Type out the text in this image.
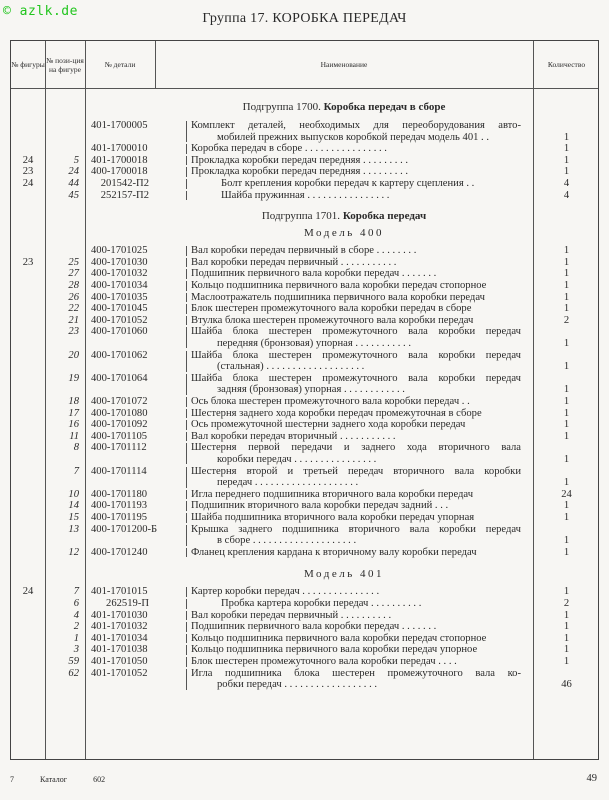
© azlk.de	Группа 17. КОРОБКА ПЕРЕДАЧ
№ фигуры № пози-ция на фигуре	№ детали	Наименование	Количество
Подгруппа 1700. Коробка передач в сборе
401-1700005	Комплект деталей, необходимых для переоборудования авто-
мобилей прежних выпусков коробкой передач модель 401 . .	1
401-1700010	Коробка передач в сборе . . . . . . . . . . . . . . . .	1
24	5 401-1700018	Прокладка коробки передач передняя . . . . . . . . .	1
23	24 400-1700018	Прокладка коробки передач передняя . . . . . . . . .	1
24	44	201542-П2	Болт крепления коробки передач к картеру сцепления . .	4
45	252157-П2	Шайба пружинная . . . . . . . . . . . . . . . .	4
Подгруппа 1701. Коробка передач
Модель 400
400-1701025	Вал коробки передач первичный в сборе . . . . . . . .	1
23	25 400-1701030	Вал коробки передач первичный . . . . . . . . . . .	1
27 400-1701032	Подшипник первичного вала коробки передач . . . . . . .	1
28 400-1701034	Кольцо подшипника первичного вала коробки передач стопорное	1
26 400-1701035	Маслоотражатель подшипника первичного вала коробки передач	1
22 400-1701045	Блок шестерен промежуточного вала коробки передач в сборе	1
21 400-1701052	Втулка блока шестерен промежуточного вала коробки передач	2
23 400-1701060	Шайба блока шестерен промежуточного вала коробки передач
передняя (бронзовая) упорная . . . . . . . . . . .	1
20 400-1701062	Шайба блока шестерен промежуточного вала коробки передач
(стальная) . . . . . . . . . . . . . . . . . . .	1
19 400-1701064	Шайба блока шестерен промежуточного вала коробки передач
задняя (бронзовая) упорная . . . . . . . . . . . .	1
18 400-1701072	Ось блока шестерен промежуточного вала коробки передач . .	1
17 400-1701080	Шестерня заднего хода коробки передач промежуточная в сборе	1
16 400-1701092	Ось промежуточной шестерни заднего хода коробки передач	1
11 400-1701105	Вал коробки передач вторичный . . . . . . . . . . .	1
8 400-1701112	Шестерня первой передачи и заднего хода вторичного вала
коробки передач . . . . . . . . . . . . . . . .	1
7 400-1701114	Шестерня второй и третьей передач вторичного вала коробки
передач . . . . . . . . . . . . . . . . . . . .	1
10 400-1701180	Игла переднего подшипника вторичного вала коробки передач	24
14 400-1701193	Подшипник вторичного вала коробки передач задний . . .	1
15 400-1701195	Шайба подшипника вторичного вала коробки передач упорная	1
13 400-1701200-Б	Крышка заднего подшипника вторичного вала коробки передач
в сборе . . . . . . . . . . . . . . . . . . . .	1
12 400-1701240	Фланец крепления кардана к вторичному валу коробки передач	1
Модель 401
24	7 401-1701015	Картер коробки передач . . . . . . . . . . . . . . .	1
6	262519-П	Пробка картера коробки передач . . . . . . . . . .	2
4 401-1701030	Вал коробки передач первичный . . . . . . . . . .	1
2 401-1701032	Подшипник первичного вала коробки передач . . . . . . .	1
1 401-1701034	Кольцо подшипника первичного вала коробки передач стопорное	1
3 401-1701038	Кольцо подшипника первичного вала коробки передач упорное	1
59 401-1701050	Блок шестерен промежуточного вала коробки передач . . . .	1
62 401-1701052	Игла подшипника блока шестерен промежуточного вала ко-
робки передач . . . . . . . . . . . . . . . . . .	46
7	Каталог	602	49
